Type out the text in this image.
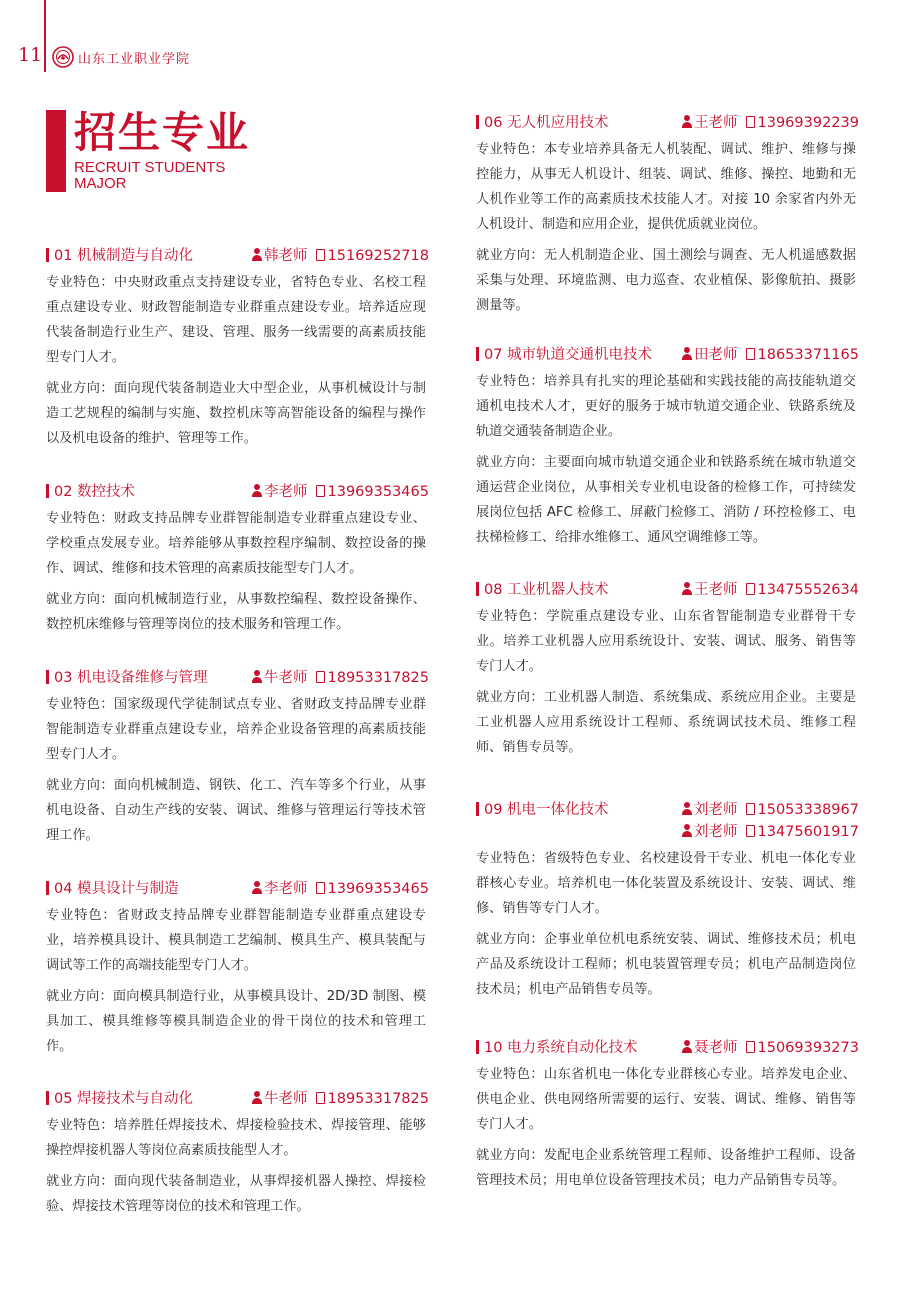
11	山东工业职业学院
招生专业
RECRUIT STUDENTS
MAJOR
01 机械制造与自动化	韩老师 15169252718
专业特色：中央财政重点支持建设专业，省特色专业、名校工程重点建设专业、财政智能制造专业群重点建设专业。培养适应现代装备制造行业生产、建设、管理、服务一线需要的高素质技能型专门人才。
就业方向：面向现代装备制造业大中型企业，从事机械设计与制造工艺规程的编制与实施、数控机床等高智能设备的编程与操作以及机电设备的维护、管理等工作。
02 数控技术	李老师 13969353465
专业特色：财政支持品牌专业群智能制造专业群重点建设专业、学校重点发展专业。培养能够从事数控程序编制、数控设备的操作、调试、维修和技术管理的高素质技能型专门人才。
就业方向：面向机械制造行业，从事数控编程、数控设备操作、数控机床维修与管理等岗位的技术服务和管理工作。
03 机电设备维修与管理	牛老师 18953317825
专业特色：国家级现代学徒制试点专业、省财政支持品牌专业群智能制造专业群重点建设专业，培养企业设备管理的高素质技能型专门人才。
就业方向：面向机械制造、钢铁、化工、汽车等多个行业，从事机电设备、自动生产线的安装、调试、维修与管理运行等技术管理工作。
04 模具设计与制造	李老师 13969353465
专业特色：省财政支持品牌专业群智能制造专业群重点建设专业，培养模具设计、模具制造工艺编制、模具生产、模具装配与调试等工作的高端技能型专门人才。
就业方向：面向模具制造行业，从事模具设计、2D/3D 制图、模具加工、模具维修等模具制造企业的骨干岗位的技术和管理工作。
05 焊接技术与自动化	牛老师 18953317825
专业特色：培养胜任焊接技术、焊接检验技术、焊接管理、能够操控焊接机器人等岗位高素质技能型人才。
就业方向：面向现代装备制造业，从事焊接机器人操控、焊接检验、焊接技术管理等岗位的技术和管理工作。
06 无人机应用技术	王老师 13969392239
专业特色：本专业培养具备无人机装配、调试、维护、维修与操控能力，从事无人机设计、组装、调试、维修、操控、地勤和无人机作业等工作的高素质技术技能人才。对接 10 余家省内外无人机设计、制造和应用企业，提供优质就业岗位。
就业方向：无人机制造企业、国土测绘与调查、无人机遥感数据采集与处理、环境监测、电力巡查、农业植保、影像航拍、摄影测量等。
07 城市轨道交通机电技术	田老师 18653371165
专业特色：培养具有扎实的理论基础和实践技能的高技能轨道交通机电技术人才，更好的服务于城市轨道交通企业、铁路系统及轨道交通装备制造企业。
就业方向：主要面向城市轨道交通企业和铁路系统在城市轨道交通运营企业岗位，从事相关专业机电设备的检修工作，可持续发展岗位包括 AFC 检修工、屏蔽门检修工、消防 / 环控检修工、电扶梯检修工、给排水维修工、通风空调维修工等。
08 工业机器人技术	王老师 13475552634
专业特色：学院重点建设专业、山东省智能制造专业群骨干专业。培养工业机器人应用系统设计、安装、调试、服务、销售等专门人才。
就业方向：工业机器人制造、系统集成、系统应用企业。主要是工业机器人应用系统设计工程师、系统调试技术员、维修工程师、销售专员等。
09 机电一体化技术	刘老师 15053338967
刘老师 13475601917
专业特色：省级特色专业、名校建设骨干专业、机电一体化专业群核心专业。培养机电一体化装置及系统设计、安装、调试、维修、销售等专门人才。
就业方向：企事业单位机电系统安装、调试、维修技术员；机电产品及系统设计工程师；机电装置管理专员；机电产品制造岗位技术员；机电产品销售专员等。
10 电力系统自动化技术	聂老师 15069393273
专业特色：山东省机电一体化专业群核心专业。培养发电企业、供电企业、供电网络所需要的运行、安装、调试、维修、销售等专门人才。
就业方向：发配电企业系统管理工程师、设备维护工程师、设备管理技术员；用电单位设备管理技术员；电力产品销售专员等。
